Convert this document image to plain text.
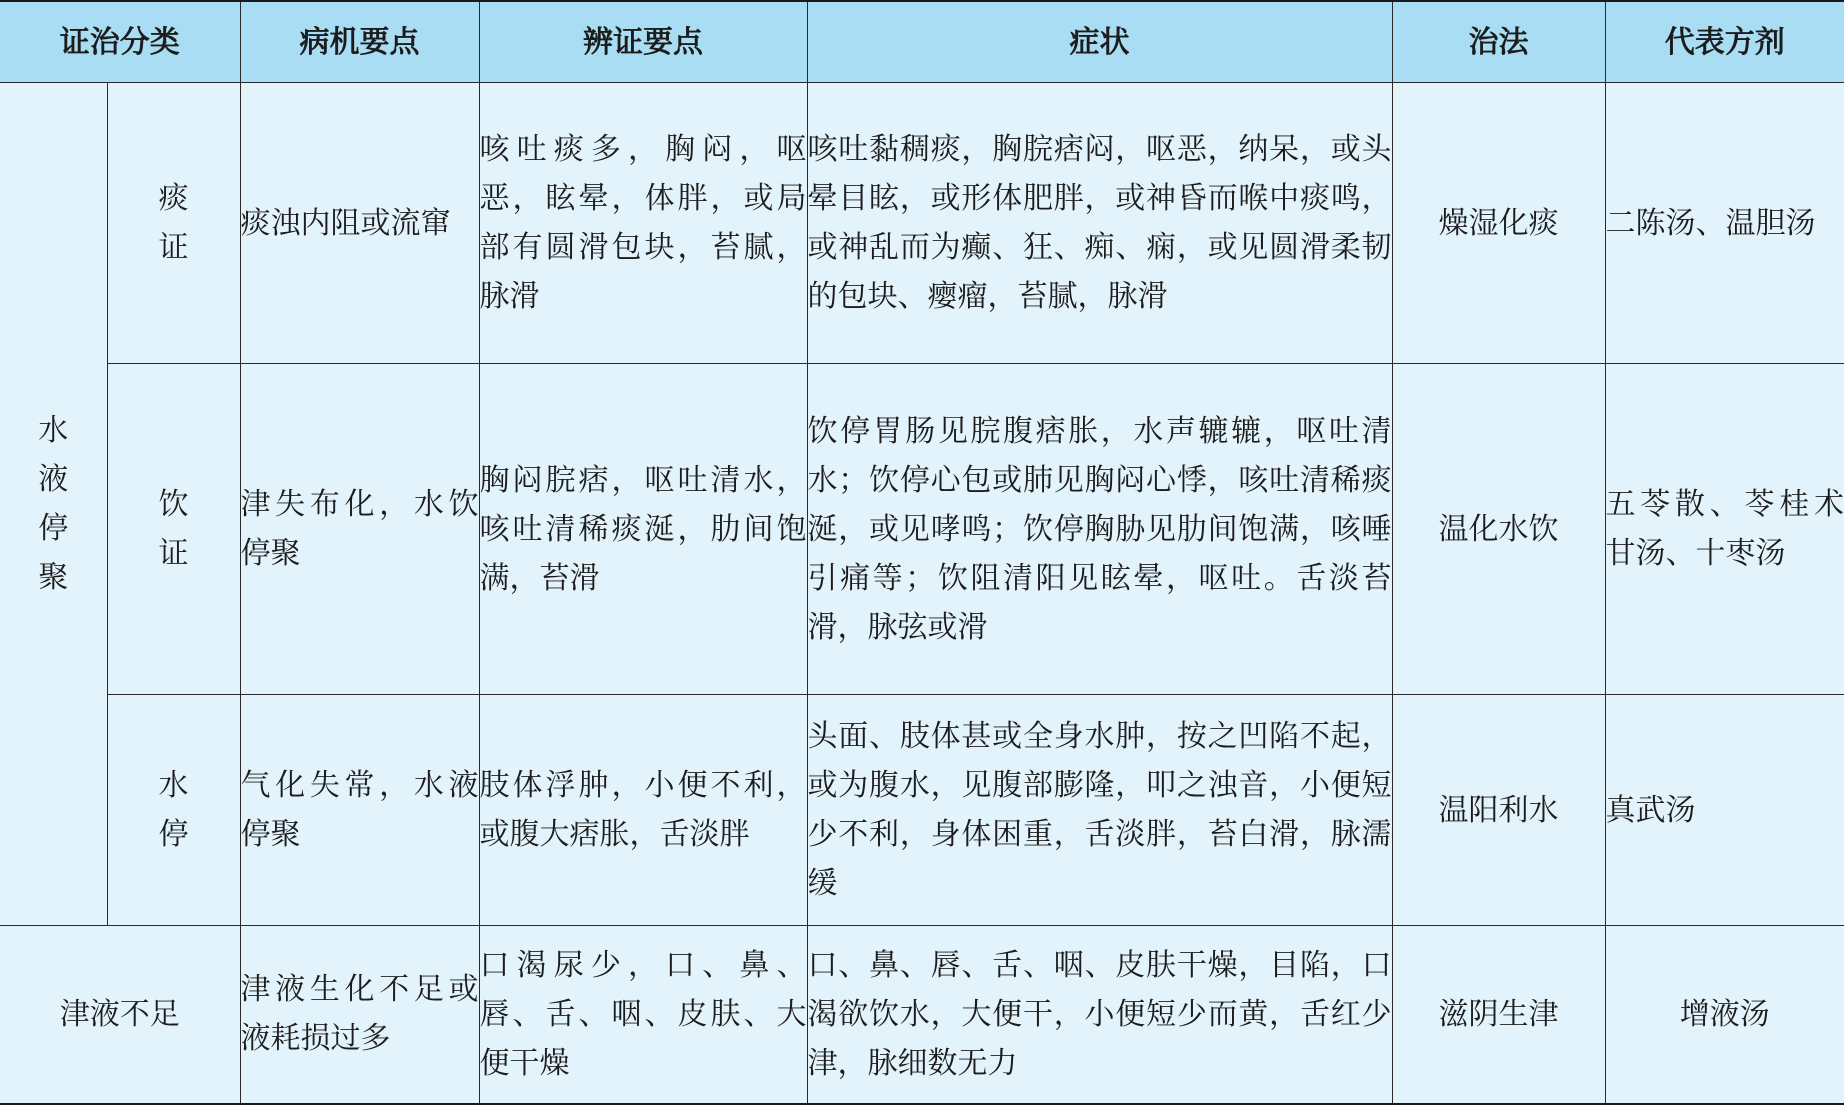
证治分类		病机要点	辨证要点	症状	治法	代表方剂
水液停聚	痰证	痰浊内阻或流窜	咳吐痰多，胸闷，呕恶，眩晕，体胖，或局部有圆滑包块，苔腻，脉滑	咳吐黏稠痰，胸脘痞闷，呕恶，纳呆，或头晕目眩，或形体肥胖，或神昏而喉中痰鸣，或神乱而为癫、狂、痴、痫，或见圆滑柔韧的包块、瘿瘤，苔腻，脉滑	燥湿化痰	二陈汤、温胆汤
	饮证	津失布化，水饮停聚	胸闷脘痞，呕吐清水，咳吐清稀痰涎，肋间饱满，苔滑	饮停胃肠见脘腹痞胀，水声辘辘，呕吐清水；饮停心包或肺见胸闷心悸，咳吐清稀痰涎，或见哮鸣；饮停胸胁见肋间饱满，咳唾引痛等；饮阻清阳见眩晕，呕吐。舌淡苔滑，脉弦或滑	温化水饮	五苓散、苓桂术甘汤、十枣汤
	水停	气化失常，水液停聚	肢体浮肿，小便不利，或腹大痞胀，舌淡胖	头面、肢体甚或全身水肿，按之凹陷不起，或为腹水，见腹部膨隆，叩之浊音，小便短少不利，身体困重，舌淡胖，苔白滑，脉濡缓	温阳利水	真武汤
津液不足		津液生化不足或液耗损过多	口渴尿少，口、鼻、唇、舌、咽、皮肤、大便干燥	口、鼻、唇、舌、咽、皮肤干燥，目陷，口渴欲饮水，大便干，小便短少而黄，舌红少津，脉细数无力	滋阴生津	增液汤
